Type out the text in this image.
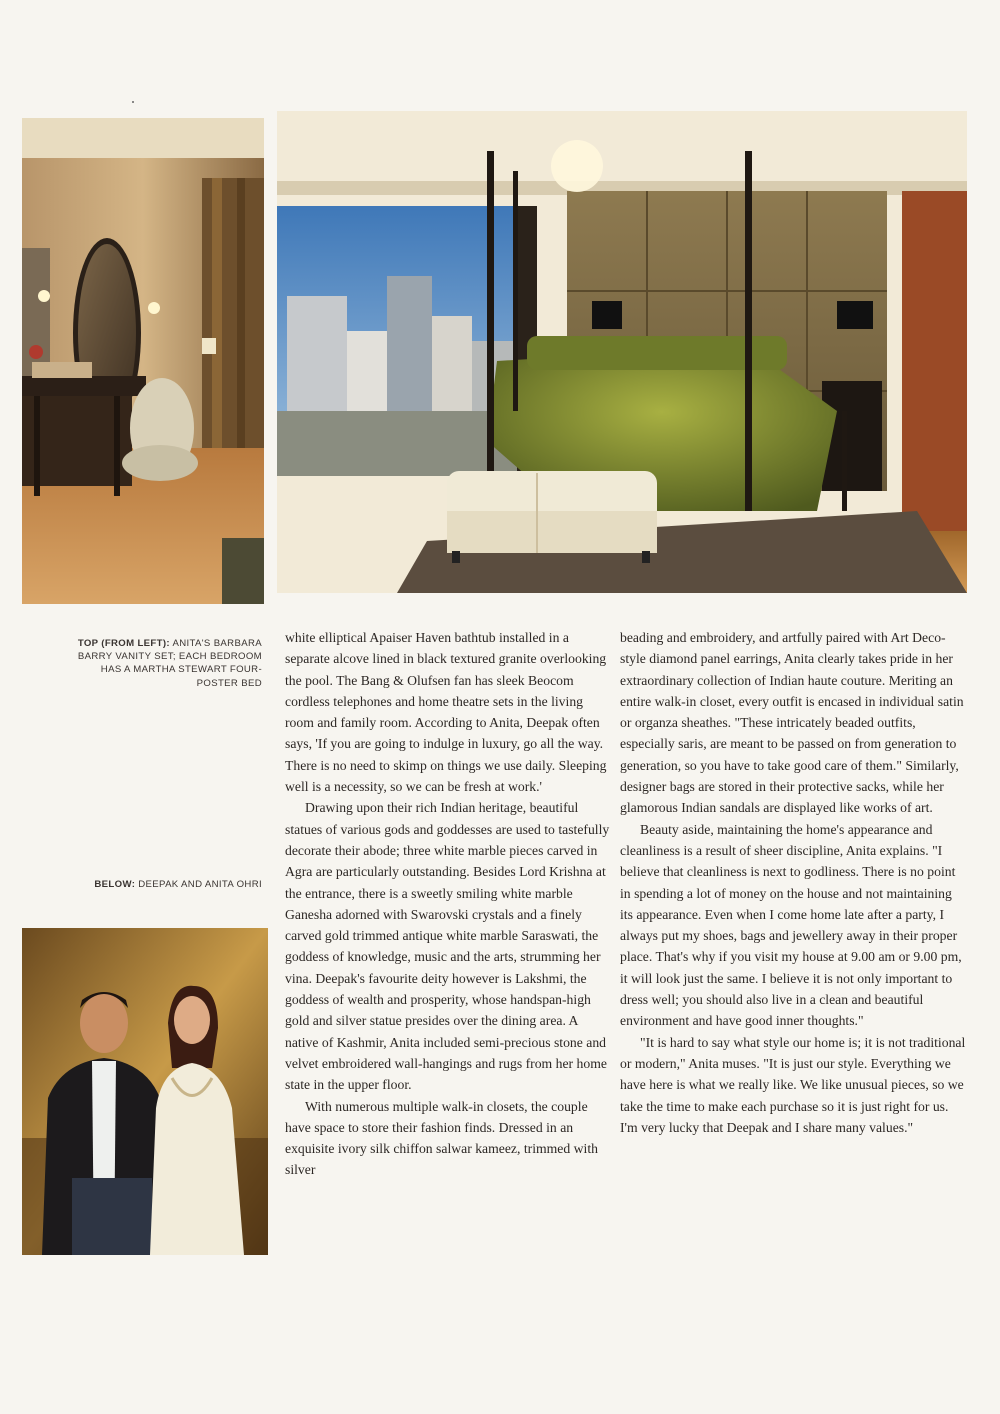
TOP (FROM LEFT): ANITA'S BARBARA BARRY VANITY SET; EACH BEDROOM HAS A MARTHA STEWART FOUR-POSTER BED
BELOW: DEEPAK AND ANITA OHRI

white elliptical Apaiser Haven bathtub installed in a separate alcove lined in black textured granite overlooking the pool. The Bang & Olufsen fan has sleek Beocom cordless telephones and home theatre sets in the living room and family room. According to Anita, Deepak often says, 'If you are going to indulge in luxury, go all the way. There is no need to skimp on things we use daily. Sleeping well is a necessity, so we can be fresh at work.'

Drawing upon their rich Indian heritage, beautiful statues of various gods and goddesses are used to tastefully decorate their abode; three white marble pieces carved in Agra are particularly outstanding. Besides Lord Krishna at the entrance, there is a sweetly smiling white marble Ganesha adorned with Swarovski crystals and a finely carved gold trimmed antique white marble Saraswati, the goddess of knowledge, music and the arts, strumming her vina. Deepak's favourite deity however is Lakshmi, the goddess of wealth and prosperity, whose handspan-high gold and silver statue presides over the dining area. A native of Kashmir, Anita included semi-precious stone and velvet embroidered wall-hangings and rugs from her home state in the upper floor.

With numerous multiple walk-in closets, the couple have space to store their fashion finds. Dressed in an exquisite ivory silk chiffon salwar kameez, trimmed with silver

beading and embroidery, and artfully paired with Art Deco-style diamond panel earrings, Anita clearly takes pride in her extraordinary collection of Indian haute couture. Meriting an entire walk-in closet, every outfit is encased in individual satin or organza sheathes. "These intricately beaded outfits, especially saris, are meant to be passed on from generation to generation, so you have to take good care of them." Similarly, designer bags are stored in their protective sacks, while her glamorous Indian sandals are displayed like works of art.

Beauty aside, maintaining the home's appearance and cleanliness is a result of sheer discipline, Anita explains. "I believe that cleanliness is next to godliness. There is no point in spending a lot of money on the house and not maintaining its appearance. Even when I come home late after a party, I always put my shoes, bags and jewellery away in their proper place. That's why if you visit my house at 9.00 am or 9.00 pm, it will look just the same. I believe it is not only important to dress well; you should also live in a clean and beautiful environment and have good inner thoughts."

"It is hard to say what style our home is; it is not traditional or modern," Anita muses. "It is just our style. Everything we have here is what we really like. We like unusual pieces, so we take the time to make each purchase so it is just right for us. I'm very lucky that Deepak and I share many values."
